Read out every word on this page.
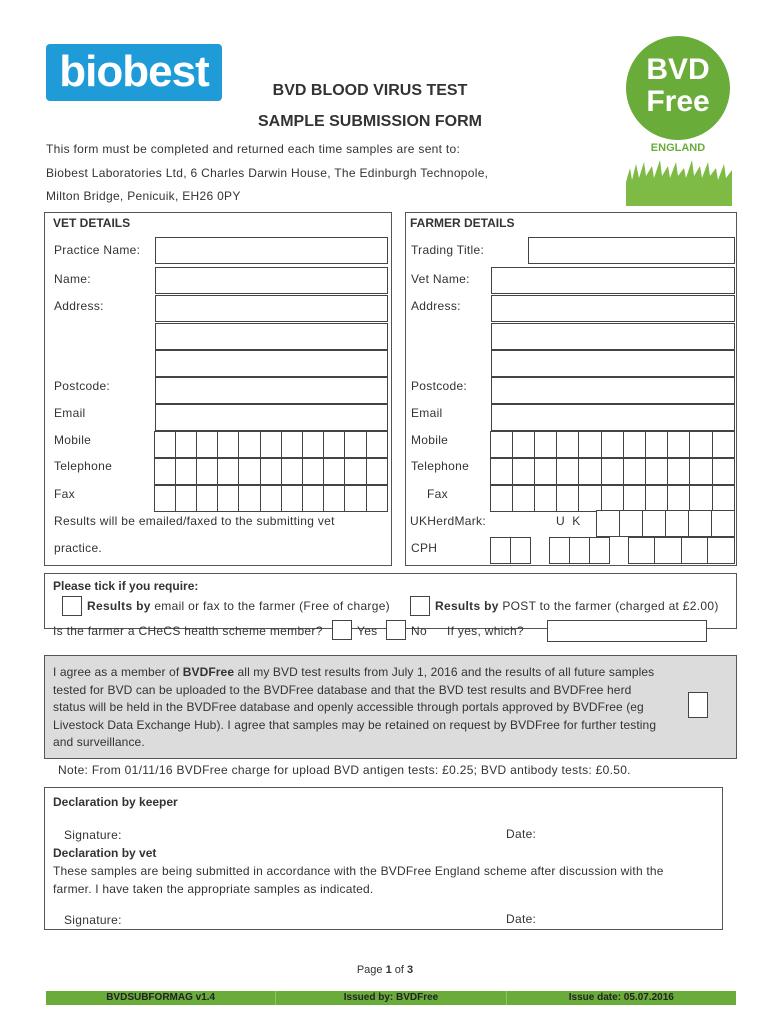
biobest	BVD BLOOD VIRUS TEST
SAMPLE SUBMISSION FORM
BVD
Free
ENGLAND
This form must be completed and returned each time samples are sent to:
Biobest Laboratories Ltd, 6 Charles Darwin House, The Edinburgh Technopole,
Milton Bridge, Penicuik, EH26 0PY
VET DETAILS
Practice Name:
Name:
Address:
Postcode:
Email
Mobile
Telephone
Fax
Results will be emailed/faxed to the submitting vet
practice.
FARMER DETAILS
Trading Title:
Vet Name:
Address:
Postcode:
Email
Mobile
Telephone
Fax
UKHerdMark:	U  K
CPH
Please tick if you require:
Results by email or fax to the farmer (Free of charge)	Results by POST to the farmer (charged at £2.00)
Is the farmer a CHeCS health scheme member?	Yes	No If yes, which?
I agree as a member of BVDFree all my BVD test results from July 1, 2016 and the results of all future samples tested for BVD can be uploaded to the BVDFree database and that the BVD test results and BVDFree herd status will be held in the BVDFree database and openly accessible through portals approved by BVDFree (eg Livestock Data Exchange Hub). I agree that samples may be retained on request by BVDFree for further testing and surveillance.
Note: From 01/11/16 BVDFree charge for upload BVD antigen tests: £0.25; BVD antibody tests: £0.50.
Declaration by keeper
Signature:	Date:
Declaration by vet
These samples are being submitted in accordance with the BVDFree England scheme after discussion with the farmer. I have taken the appropriate samples as indicated.
Signature:	Date:
Page 1 of 3
BVDSUBFORMAG v1.4	Issued by: BVDFree	Issue date: 05.07.2016
